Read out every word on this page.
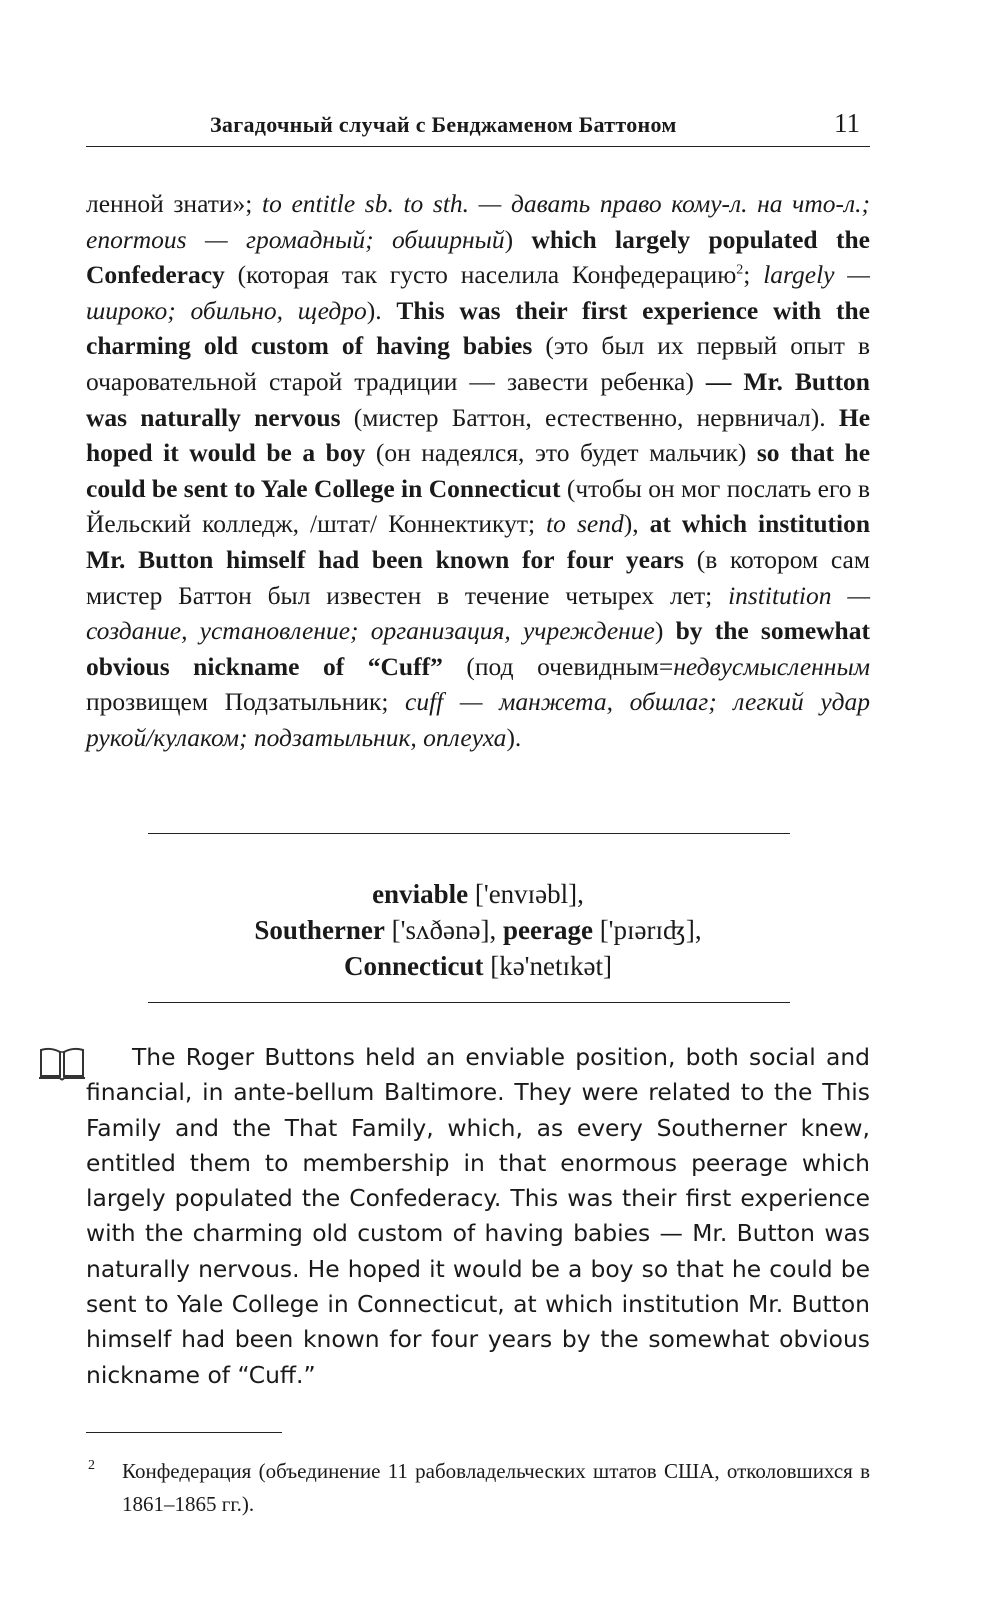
Загадочный случай с Бенджаменом Баттоном	11
ленной знати»; to entitle sb. to sth. — давать право кому-л. на что-л.; enormous — громадный; обширный) which largely populated the Confederacy (которая так густо населила Конфедерацию$^2$; largely — широко; обильно, щедро). This was their first experience with the charming old custom of having babies (это был их первый опыт в очаровательной старой традиции — завести ребенка) — Mr. Button was naturally nervous (мистер Баттон, естественно, нервничал). He hoped it would be a boy (он надеялся, это будет мальчик) so that he could be sent to Yale College in Connecticut (чтобы он мог послать его в Йельский колледж, /штат/ Коннектикут; to send), at which institution Mr. Button himself had been known for four years (в котором сам мистер Баттон был известен в течение четырех лет; institution — создание, установление; организация, учреждение) by the somewhat obvious nickname of “Cuff” (под очевидным=недвусмысленным прозвищем Подзатыльник; cuff — манжета, обшлаг; легкий удар рукой/кулаком; подзатыльник, оплеуха).
enviable ['envɪəbl],
Southerner ['sʌðənə], peerage ['pɪərɪʤ],
Connecticut [kə'netɪkət]
The Roger Buttons held an enviable position, both social and financial, in ante-bellum Baltimore. They were related to the This Family and the That Family, which, as every Southerner knew, entitled them to membership in that enormous peerage which largely populated the Confederacy. This was their first experience with the charming old custom of having babies — Mr. Button was naturally nervous. He hoped it would be a boy so that he could be sent to Yale College in Connecticut, at which institution Mr. Button himself had been known for four years by the somewhat obvious nickname of “Cuff.”
2	Конфедерация (объединение 11 рабовладельческих штатов США, отколовшихся в 1861–1865 гг.).
